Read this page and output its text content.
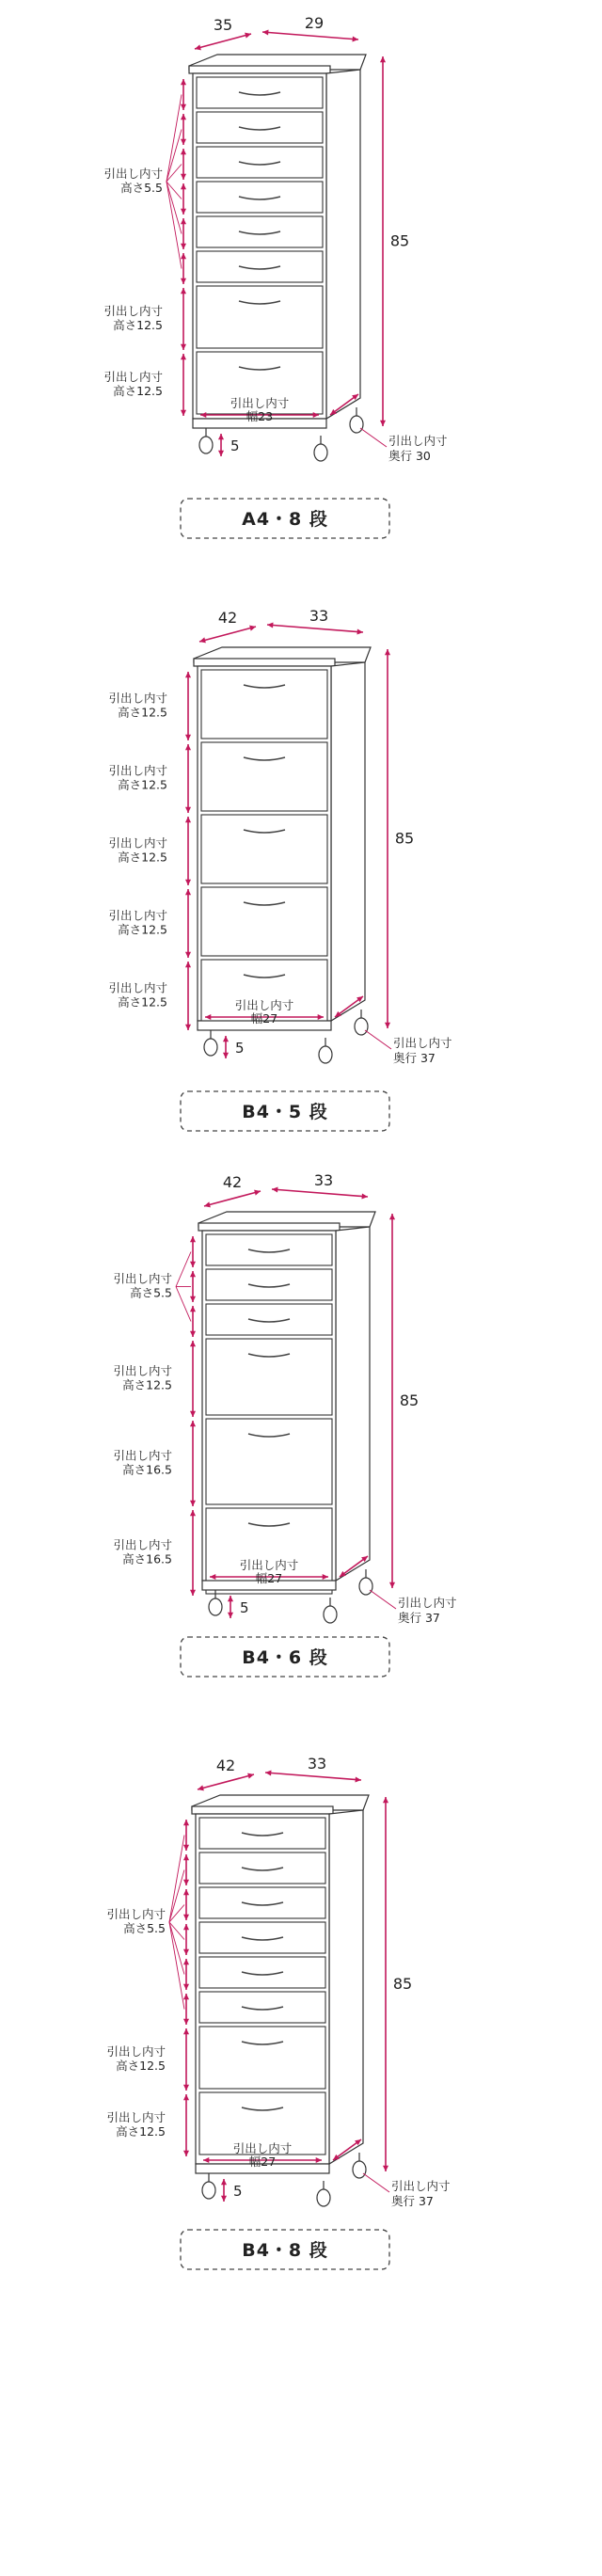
35	29
85
引出し内寸
幅23
引出し内寸
奥行 30
5
引出し内寸
高さ5.5
引出し内寸
高さ12.5
引出し内寸
高さ12.5
A4・8 段
42	33
85
引出し内寸
幅27
引出し内寸
奥行 37
5
引出し内寸
高さ12.5
引出し内寸
高さ12.5
引出し内寸
高さ12.5
引出し内寸
高さ12.5
引出し内寸
高さ12.5
B4・5 段
42	33
85
引出し内寸
幅27
引出し内寸
奥行 37
5
引出し内寸
高さ5.5
引出し内寸
高さ12.5
引出し内寸
高さ16.5
引出し内寸
高さ16.5
B4・6 段
42	33
85
引出し内寸
幅27
引出し内寸
奥行 37
5
引出し内寸
高さ5.5
引出し内寸
高さ12.5
引出し内寸
高さ12.5
B4・8 段
